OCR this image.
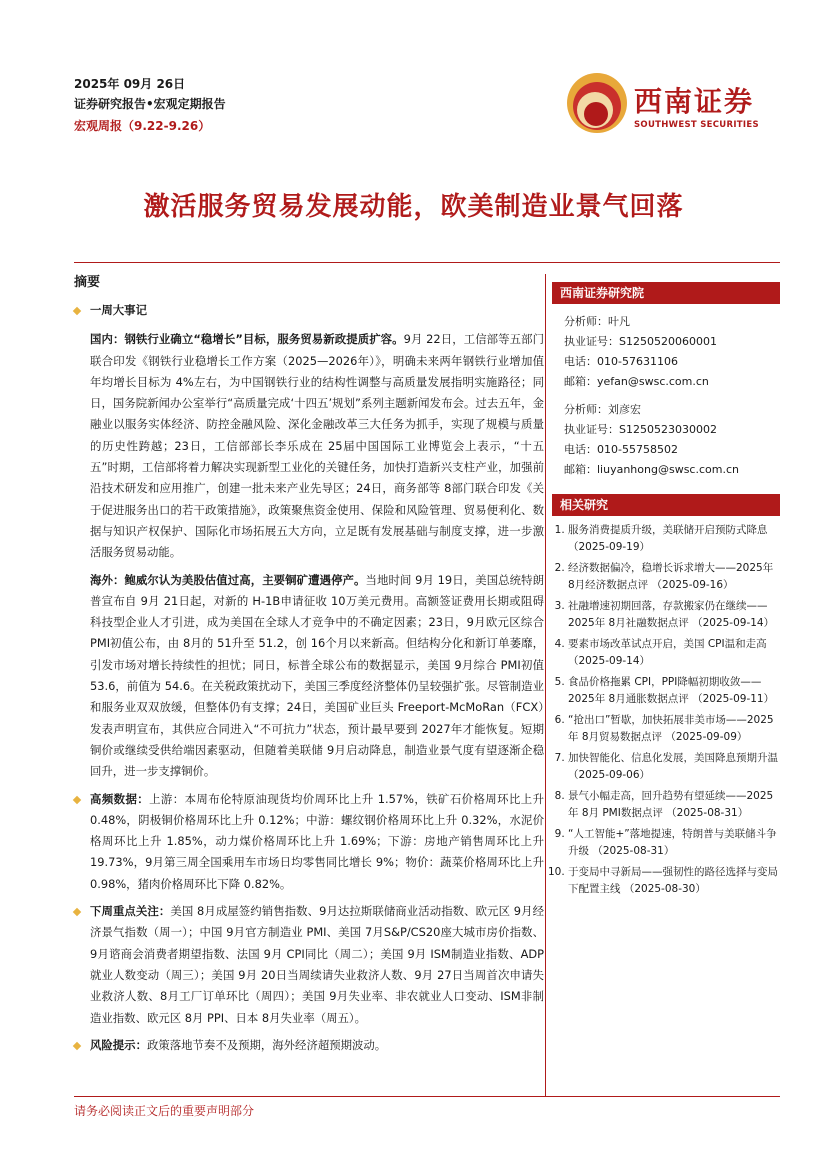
2025年 09月 26日
证券研究报告•宏观定期报告
宏观周报（9.22-9.26）
西南证券
SOUTHWEST SECURITIES
激活服务贸易发展动能，欧美制造业景气回落
摘要

一周大事记

国内：钢铁行业确立“稳增长”目标，服务贸易新政提质扩容。9月 22日，工信部等五部门联合印发《钢铁行业稳增长工作方案（2025—2026年）》，明确未来两年钢铁行业增加值年均增长目标为 4%左右，为中国钢铁行业的结构性调整与高质量发展指明实施路径；同日，国务院新闻办公室举行“高质量完成‘十四五’规划”系列主题新闻发布会。过去五年，金融业以服务实体经济、防控金融风险、深化金融改革三大任务为抓手，实现了规模与质量的历史性跨越；23日，工信部部长李乐成在 25届中国国际工业博览会上表示，“十五五”时期，工信部将着力解决实现新型工业化的关键任务，加快打造新兴支柱产业，加强前沿技术研发和应用推广，创建一批未来产业先导区；24日，商务部等 8部门联合印发《关于促进服务出口的若干政策措施》，政策聚焦资金使用、保险和风险管理、贸易便利化、数据与知识产权保护、国际化市场拓展五大方向，立足既有发展基础与制度支撑，进一步激活服务贸易动能。

海外：鲍威尔认为美股估值过高，主要铜矿遭遇停产。当地时间 9月 19日，美国总统特朗普宣布自 9月 21日起，对新的 H-1B申请征收 10万美元费用。高额签证费用长期或阻碍科技型企业人才引进，成为美国在全球人才竞争中的不确定因素；23日，9月欧元区综合 PMI初值公布，由 8月的 51升至 51.2，创 16个月以来新高。但结构分化和新订单萎靡，引发市场对增长持续性的担忧；同日，标普全球公布的数据显示，美国 9月综合 PMI初值 53.6，前值为 54.6。在关税政策扰动下，美国三季度经济整体仍呈较强扩张。尽管制造业和服务业双双放缓，但整体仍有支撑；24日，美国矿业巨头 Freeport-McMoRan（FCX）发表声明宣布，其供应合同进入“不可抗力”状态，预计最早要到 2027年才能恢复。短期铜价或继续受供给端因素驱动，但随着美联储 9月启动降息，制造业景气度有望逐渐企稳回升，进一步支撑铜价。

高频数据：上游：本周布伦特原油现货均价周环比上升 1.57%，铁矿石价格周环比上升 0.48%，阴极铜价格周环比上升 0.12%；中游：螺纹钢价格周环比上升 0.32%，水泥价格周环比上升 1.85%，动力煤价格周环比上升 1.69%；下游：房地产销售周环比上升 19.73%，9月第三周全国乘用车市场日均零售同比增长 9%；物价：蔬菜价格周环比上升 0.98%，猪肉价格周环比下降 0.82%。

下周重点关注：美国 8月成屋签约销售指数、9月达拉斯联储商业活动指数、欧元区 9月经济景气指数（周一）；中国 9月官方制造业 PMI、美国 7月S&P/CS20座大城市房价指数、9月谘商会消费者期望指数、法国 9月 CPI同比（周二）；美国 9月 ISM制造业指数、ADP就业人数变动（周三）；美国 9月 20日当周续请失业救济人数、9月 27日当周首次申请失业救济人数、8月工厂订单环比（周四）；美国 9月失业率、非农就业人口变动、ISM非制造业指数、欧元区 8月 PPI、日本 8月失业率（周五）。

风险提示：政策落地节奏不及预期，海外经济超预期波动。

西南证券研究院
分析师：叶凡
执业证号：S1250520060001
电话：010-57631106
邮箱：yefan@swsc.com.cn
分析师：刘彦宏
执业证号：S1250523030002
电话：010-55758502
邮箱：liuyanhong@swsc.com.cn
相关研究
1. 服务消费提质升级，美联储开启预防式降息 （2025-09-19）
2. 经济数据偏冷，稳增长诉求增大——2025年 8月经济数据点评 （2025-09-16）
3. 社融增速初期回落，存款搬家仍在继续——2025年 8月社融数据点评 （2025-09-14）
4. 要素市场改革试点开启，美国 CPI温和走高 （2025-09-14）
5. 食品价格拖累 CPI，PPI降幅初期收敛——2025年 8月通胀数据点评 （2025-09-11）
6. “抢出口”暂歇，加快拓展非美市场——2025年 8月贸易数据点评 （2025-09-09）
7. 加快智能化、信息化发展，美国降息预期升温 （2025-09-06）
8. 景气小幅走高，回升趋势有望延续——2025年 8月 PMI数据点评 （2025-08-31）
9. “人工智能+”落地提速，特朗普与美联储斗争升级 （2025-08-31）
10. 于变局中寻新局——强韧性的路径选择与变局下配置主线 （2025-08-30）
请务必阅读正文后的重要声明部分
